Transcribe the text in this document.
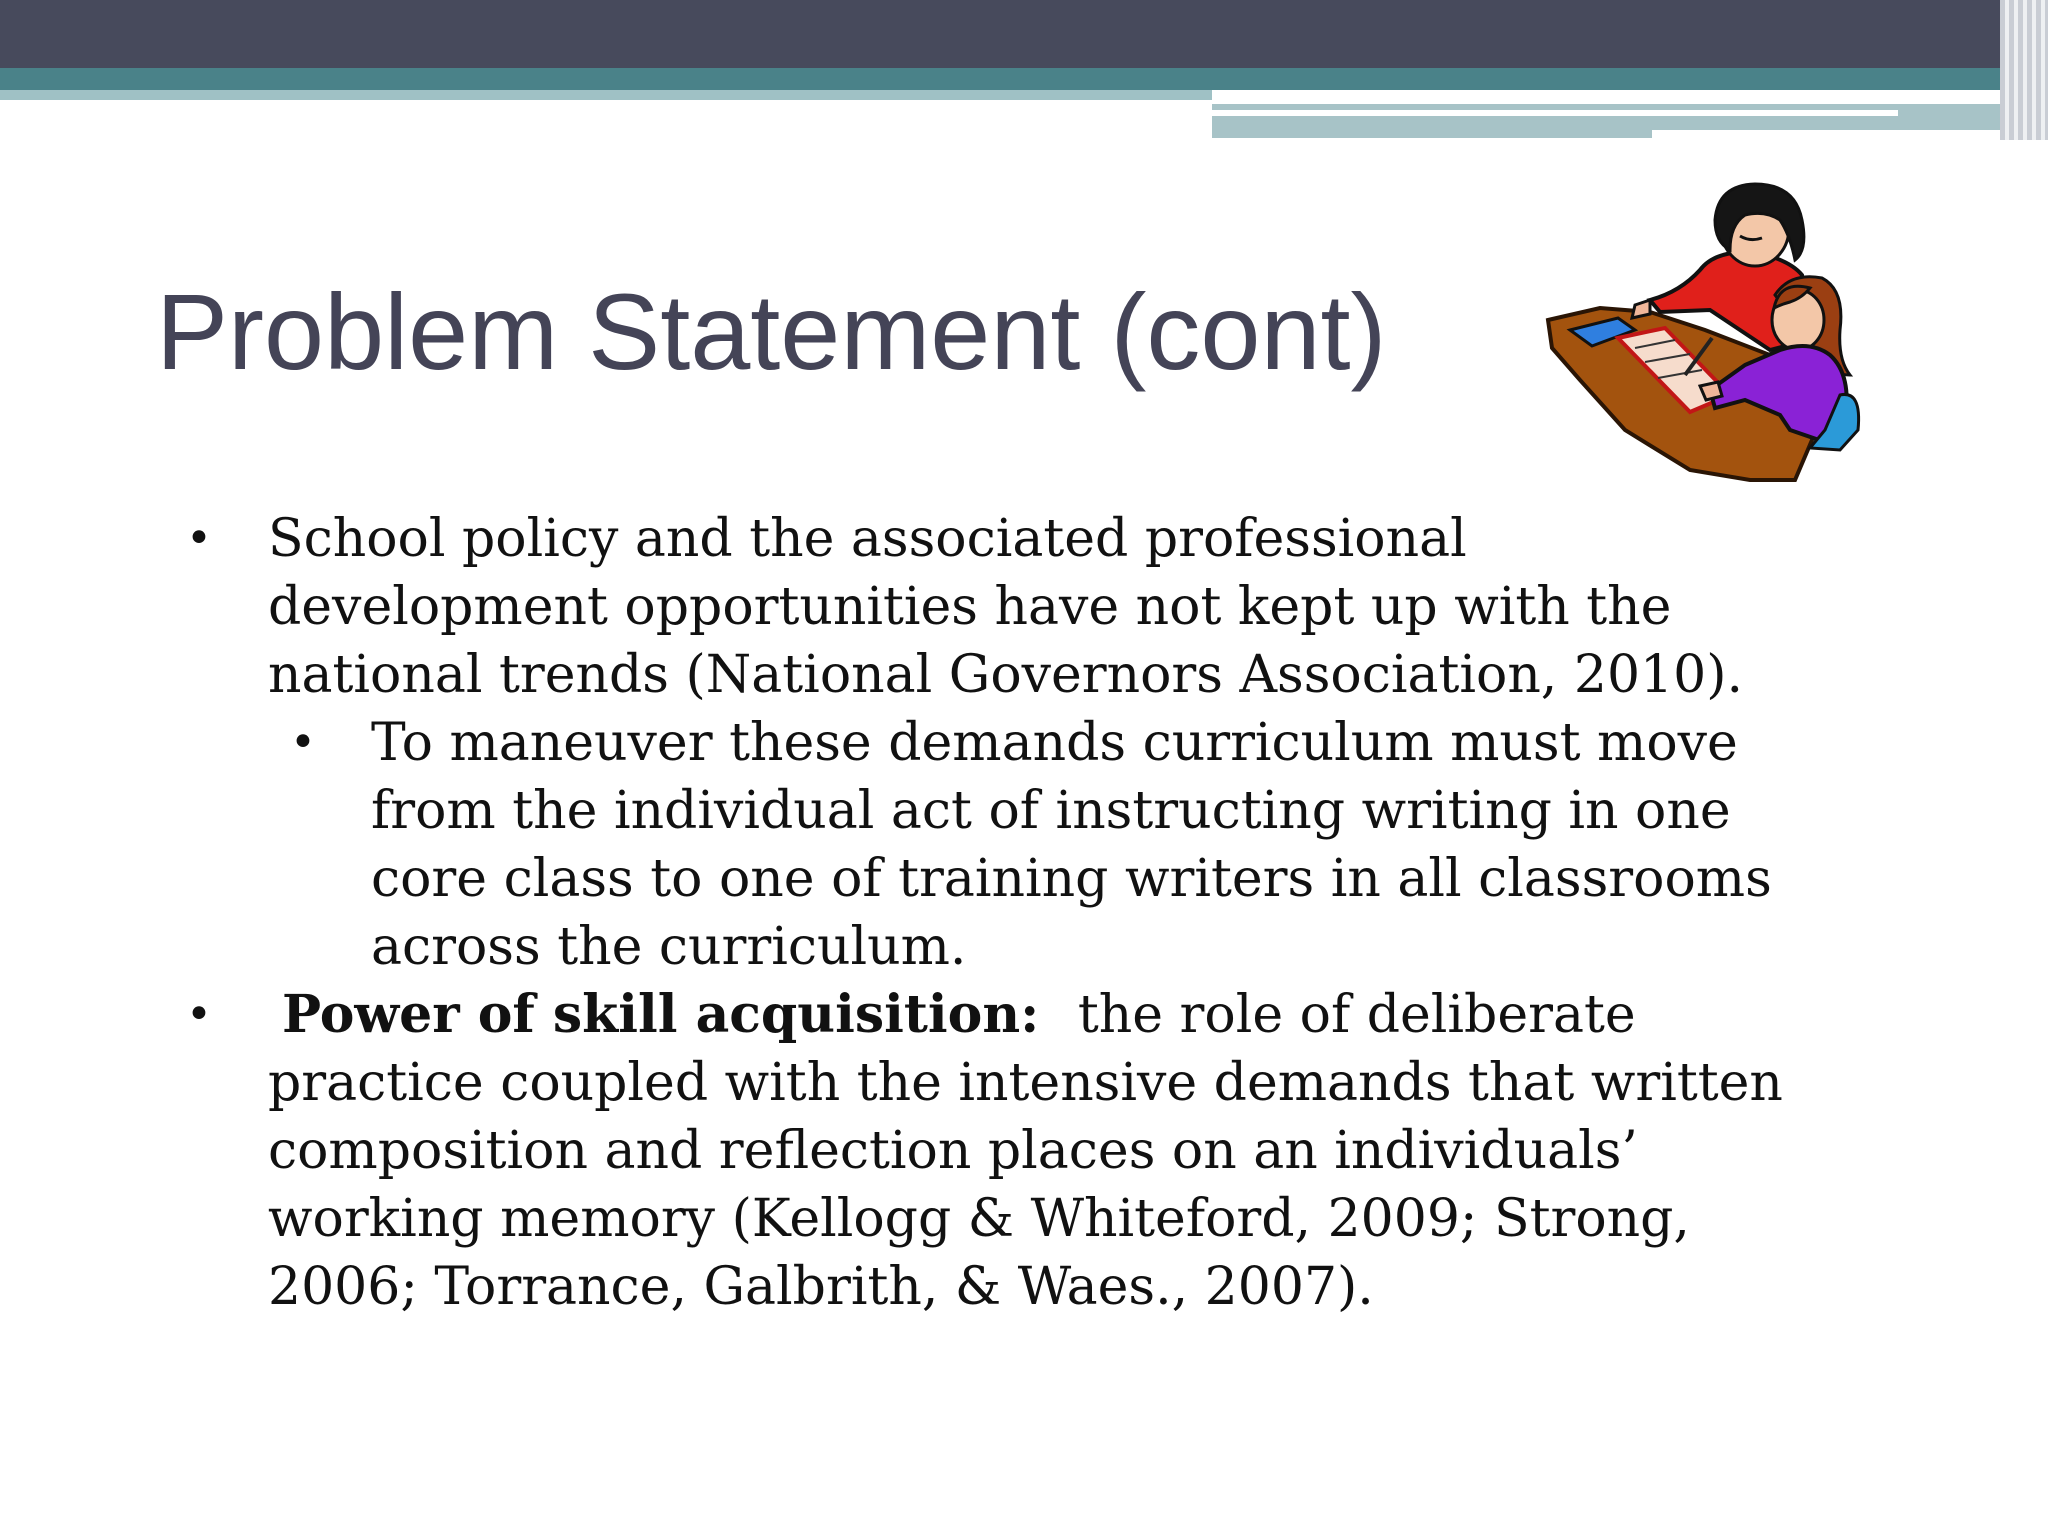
Problem Statement (cont)

• School policy and the associated professional development opportunities have not kept up with the national trends (National Governors Association, 2010).

• To maneuver these demands curriculum must move from the individual act of instructing writing in one core class to one of training writers in all classrooms across the curriculum.

• Power of skill acquisition: the role of deliberate practice coupled with the intensive demands that written composition and reflection places on an individuals’ working memory (Kellogg & Whiteford, 2009; Strong, 2006; Torrance, Galbrith, & Waes., 2007).
